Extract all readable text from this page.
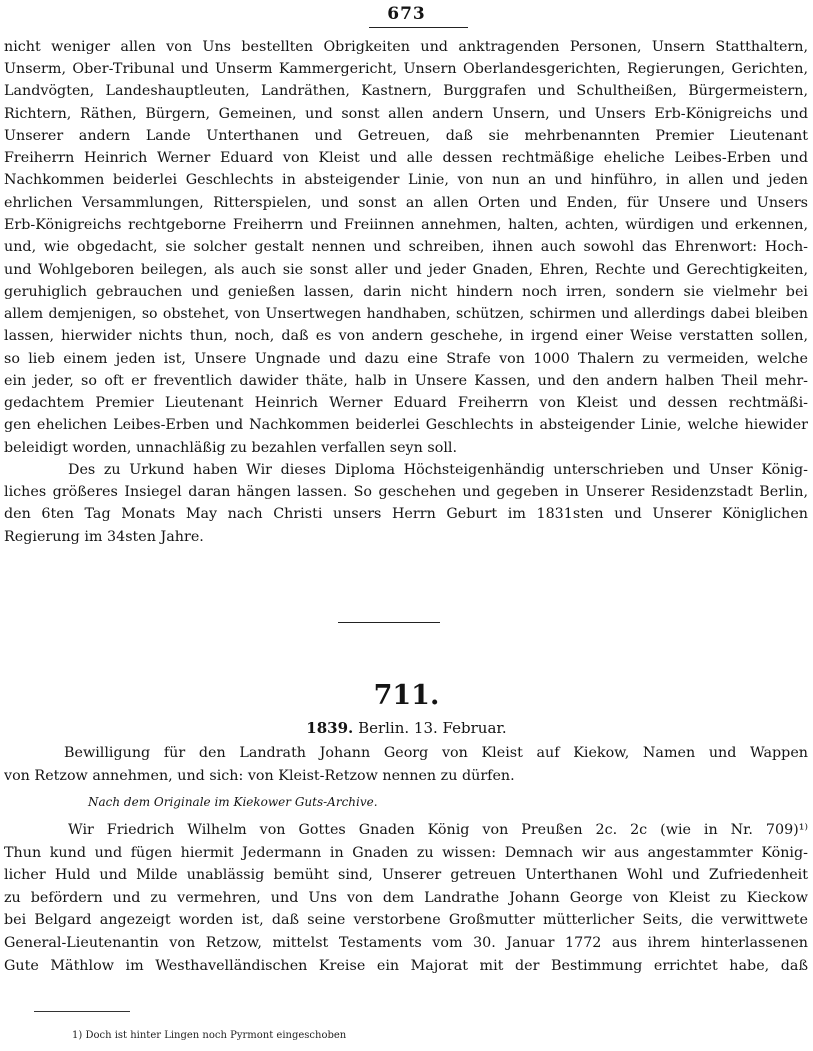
673
nicht weniger allen von Uns bestellten Obrigkeiten und anktragenden Personen, Unsern Statthaltern,
Unserm, Ober-Tribunal und Unserm Kammergericht, Unsern Oberlandesgerichten, Regierungen, Gerichten,
Landvögten, Landeshauptleuten, Landräthen, Kastnern, Burggrafen und Schultheißen, Bürgermeistern,
Richtern, Räthen, Bürgern, Gemeinen, und sonst allen andern Unsern, und Unsers Erb-Königreichs und
Unserer andern Lande Unterthanen und Getreuen, daß sie mehrbenannten Premier Lieutenant
Freiherrn Heinrich Werner Eduard von Kleist und alle dessen rechtmäßige eheliche Leibes-Erben und
Nachkommen beiderlei Geschlechts in absteigender Linie, von nun an und hinführo, in allen und jeden
ehrlichen Versammlungen, Ritterspielen, und sonst an allen Orten und Enden, für Unsere und Unsers
Erb-Königreichs rechtgeborne Freiherrn und Freiinnen annehmen, halten, achten, würdigen und erkennen,
und, wie obgedacht, sie solcher gestalt nennen und schreiben, ihnen auch sowohl das Ehrenwort: Hoch-
und Wohlgeboren beilegen, als auch sie sonst aller und jeder Gnaden, Ehren, Rechte und Gerechtigkeiten,
geruhiglich gebrauchen und genießen lassen, darin nicht hindern noch irren, sondern sie vielmehr bei
allem demjenigen, so obstehet, von Unsertwegen handhaben, schützen, schirmen und allerdings dabei bleiben
lassen, hierwider nichts thun, noch, daß es von andern geschehe, in irgend einer Weise verstatten sollen,
so lieb einem jeden ist, Unsere Ungnade und dazu eine Strafe von 1000 Thalern zu vermeiden, welche
ein jeder, so oft er freventlich dawider thäte, halb in Unsere Kassen, und den andern halben Theil mehr-
gedachtem Premier Lieutenant Heinrich Werner Eduard Freiherrn von Kleist und dessen rechtmäßi-
gen ehelichen Leibes-Erben und Nachkommen beiderlei Geschlechts in absteigender Linie, welche hiewider
beleidigt worden, unnachläßig zu bezahlen verfallen seyn soll.
Des zu Urkund haben Wir dieses Diploma Höchsteigenhändig unterschrieben und Unser König-
liches größeres Insiegel daran hängen lassen. So geschehen und gegeben in Unserer Residenzstadt Berlin,
den 6ten Tag Monats May nach Christi unsers Herrn Geburt im 1831sten und Unserer Königlichen
Regierung im 34sten Jahre.
711.
1839. Berlin. 13. Februar.
Bewilligung für den Landrath Johann Georg von Kleist auf Kiekow, Namen und Wappen
von Retzow annehmen, und sich: von Kleist-Retzow nennen zu dürfen.
Nach dem Originale im Kiekower Guts-Archive.
Wir Friedrich Wilhelm von Gottes Gnaden König von Preußen 2c. 2c (wie in Nr. 709)¹⁾
Thun kund und fügen hiermit Jedermann in Gnaden zu wissen: Demnach wir aus angestammter König-
licher Huld und Milde unablässig bemüht sind, Unserer getreuen Unterthanen Wohl und Zufriedenheit
zu befördern und zu vermehren, und Uns von dem Landrathe Johann George von Kleist zu Kieckow
bei Belgard angezeigt worden ist, daß seine verstorbene Großmutter mütterlicher Seits, die verwittwete
General-Lieutenantin von Retzow, mittelst Testaments vom 30. Januar 1772 aus ihrem hinterlassenen
Gute Mäthlow im Westhavelländischen Kreise ein Majorat mit der Bestimmung errichtet habe, daß
1) Doch ist hinter Lingen noch Pyrmont eingeschoben
